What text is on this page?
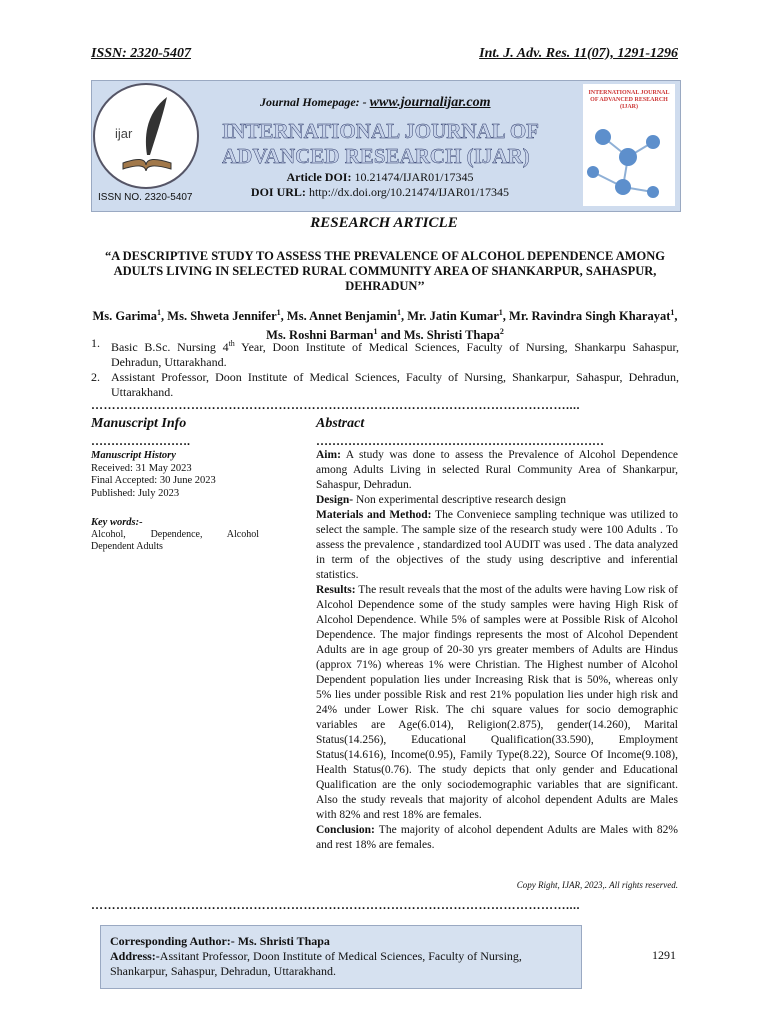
ISSN: 2320-5407	Int. J. Adv. Res. 11(07), 1291-1296
ijar
ISSN NO. 2320-5407
Journal Homepage: - www.journalijar.com
INTERNATIONAL JOURNAL OF
ADVANCED RESEARCH (IJAR)
Article DOI: 10.21474/IJAR01/17345
DOI URL: http://dx.doi.org/10.21474/IJAR01/17345
INTERNATIONAL JOURNAL OF ADVANCED RESEARCH (IJAR)
RESEARCH ARTICLE
“A DESCRIPTIVE STUDY TO ASSESS THE PREVALENCE OF ALCOHOL DEPENDENCE AMONG ADULTS LIVING IN SELECTED RURAL COMMUNITY AREA OF SHANKARPUR, SAHASPUR, DEHRADUN’’
Ms. Garima$^1$, Ms. Shweta Jennifer$^1$, Ms. Annet Benjamin$^1$, Mr. Jatin Kumar$^1$, Mr. Ravindra Singh Kharayat$^1$, Ms. Roshni Barman$^1$ and Ms. Shristi Thapa$^2$
1. Basic B.Sc. Nursing 4th Year, Doon Institute of Medical Sciences, Faculty of Nursing, Shankarpu Sahaspur, Dehradun, Uttarakhand.
2. Assistant Professor, Doon Institute of Medical Sciences, Faculty of Nursing, Shankarpur, Sahaspur, Dehradun, Uttarakhand.
……………………………………………………………………………………………………....
Manuscript Info
…………………….
Manuscript History
Received: 31 May 2023
Final Accepted: 30 June 2023
Published: July 2023
Key words:-
Alcohol, Dependence, Alcohol Dependent Adults
Abstract
………………………………………………………………

Aim: A study was done to assess the Prevalence of Alcohol Dependence among Adults Living in selected Rural Community Area of Shankarpur, Sahaspur, Dehradun.

Design- Non experimental descriptive research design

Materials and Method: The Conveniece sampling technique was utilized to select the sample. The sample size of the research study were 100 Adults . To assess the prevalence , standardized tool AUDIT was used . The data analyzed in term of the objectives of the study using descriptive and inferential statistics.

Results: The result reveals that the most of the adults were having Low risk of Alcohol Dependence some of the study samples were having High Risk of Alcohol Dependence. While 5% of samples were at Possible Risk of Alcohol Dependence. The major findings represents the most of Alcohol Dependent Adults are in age group of 20-30 yrs greater members of Adults are Hindus (approx 71%) whereas 1% were Christian. The Highest number of Alcohol Dependent population lies under Increasing Risk that is 50%, whereas only 5% lies under possible Risk and rest 21% population lies under high risk and 24% under Lower Risk. The chi square values for socio demographic variables are Age(6.014), Religion(2.875), gender(14.260), Marital Status(14.256), Educational Qualification(33.590), Employment Status(14.616), Income(0.95), Family Type(8.22), Source Of Income(9.108), Health Status(0.76). The study depicts that only gender and Educational Qualification are the only sociodemographic variables that are significant. Also the study reveals that majority of alcohol dependent Adults are Males with 82% and rest 18% are females.

Conclusion: The majority of alcohol dependent Adults are Males with 82% and rest 18% are females.

Copy Right, IJAR, 2023,. All rights reserved.
……………………………………………………………………………………………………....
Corresponding Author:- Ms. Shristi Thapa
Address:-Assitant Professor, Doon Institute of Medical Sciences, Faculty of Nursing, Shankarpur, Sahaspur, Dehradun, Uttarakhand.
1291
